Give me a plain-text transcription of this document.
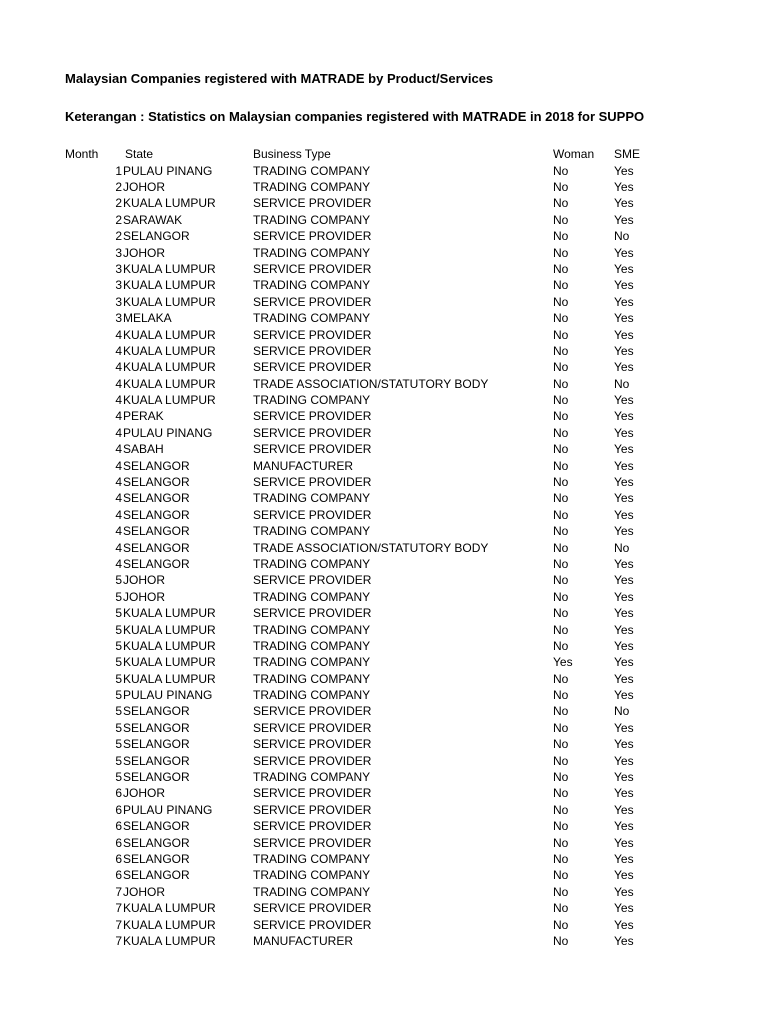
Malaysian Companies registered with MATRADE by Product/Services
Keterangan : Statistics on Malaysian companies registered with MATRADE in 2018 for SUPPO
Month State	Business Type	Woman SME
1 PULAU PINANG	TRADING COMPANY	No	Yes
2 JOHOR	TRADING COMPANY	No	Yes
2 KUALA LUMPUR	SERVICE PROVIDER	No	Yes
2 SARAWAK	TRADING COMPANY	No	Yes
2 SELANGOR	SERVICE PROVIDER	No	No
3 JOHOR	TRADING COMPANY	No	Yes
3 KUALA LUMPUR	SERVICE PROVIDER	No	Yes
3 KUALA LUMPUR	TRADING COMPANY	No	Yes
3 KUALA LUMPUR	SERVICE PROVIDER	No	Yes
3 MELAKA	TRADING COMPANY	No	Yes
4 KUALA LUMPUR	SERVICE PROVIDER	No	Yes
4 KUALA LUMPUR	SERVICE PROVIDER	No	Yes
4 KUALA LUMPUR	SERVICE PROVIDER	No	Yes
4 KUALA LUMPUR	TRADE ASSOCIATION/STATUTORY BODY	No	No
4 KUALA LUMPUR	TRADING COMPANY	No	Yes
4 PERAK	SERVICE PROVIDER	No	Yes
4 PULAU PINANG	SERVICE PROVIDER	No	Yes
4 SABAH	SERVICE PROVIDER	No	Yes
4 SELANGOR	MANUFACTURER	No	Yes
4 SELANGOR	SERVICE PROVIDER	No	Yes
4 SELANGOR	TRADING COMPANY	No	Yes
4 SELANGOR	SERVICE PROVIDER	No	Yes
4 SELANGOR	TRADING COMPANY	No	Yes
4 SELANGOR	TRADE ASSOCIATION/STATUTORY BODY	No	No
4 SELANGOR	TRADING COMPANY	No	Yes
5 JOHOR	SERVICE PROVIDER	No	Yes
5 JOHOR	TRADING COMPANY	No	Yes
5 KUALA LUMPUR	SERVICE PROVIDER	No	Yes
5 KUALA LUMPUR	TRADING COMPANY	No	Yes
5 KUALA LUMPUR	TRADING COMPANY	No	Yes
5 KUALA LUMPUR	TRADING COMPANY	Yes	Yes
5 KUALA LUMPUR	TRADING COMPANY	No	Yes
5 PULAU PINANG	TRADING COMPANY	No	Yes
5 SELANGOR	SERVICE PROVIDER	No	No
5 SELANGOR	SERVICE PROVIDER	No	Yes
5 SELANGOR	SERVICE PROVIDER	No	Yes
5 SELANGOR	SERVICE PROVIDER	No	Yes
5 SELANGOR	TRADING COMPANY	No	Yes
6 JOHOR	SERVICE PROVIDER	No	Yes
6 PULAU PINANG	SERVICE PROVIDER	No	Yes
6 SELANGOR	SERVICE PROVIDER	No	Yes
6 SELANGOR	SERVICE PROVIDER	No	Yes
6 SELANGOR	TRADING COMPANY	No	Yes
6 SELANGOR	TRADING COMPANY	No	Yes
7 JOHOR	TRADING COMPANY	No	Yes
7 KUALA LUMPUR	SERVICE PROVIDER	No	Yes
7 KUALA LUMPUR	SERVICE PROVIDER	No	Yes
7 KUALA LUMPUR	MANUFACTURER	No	Yes
